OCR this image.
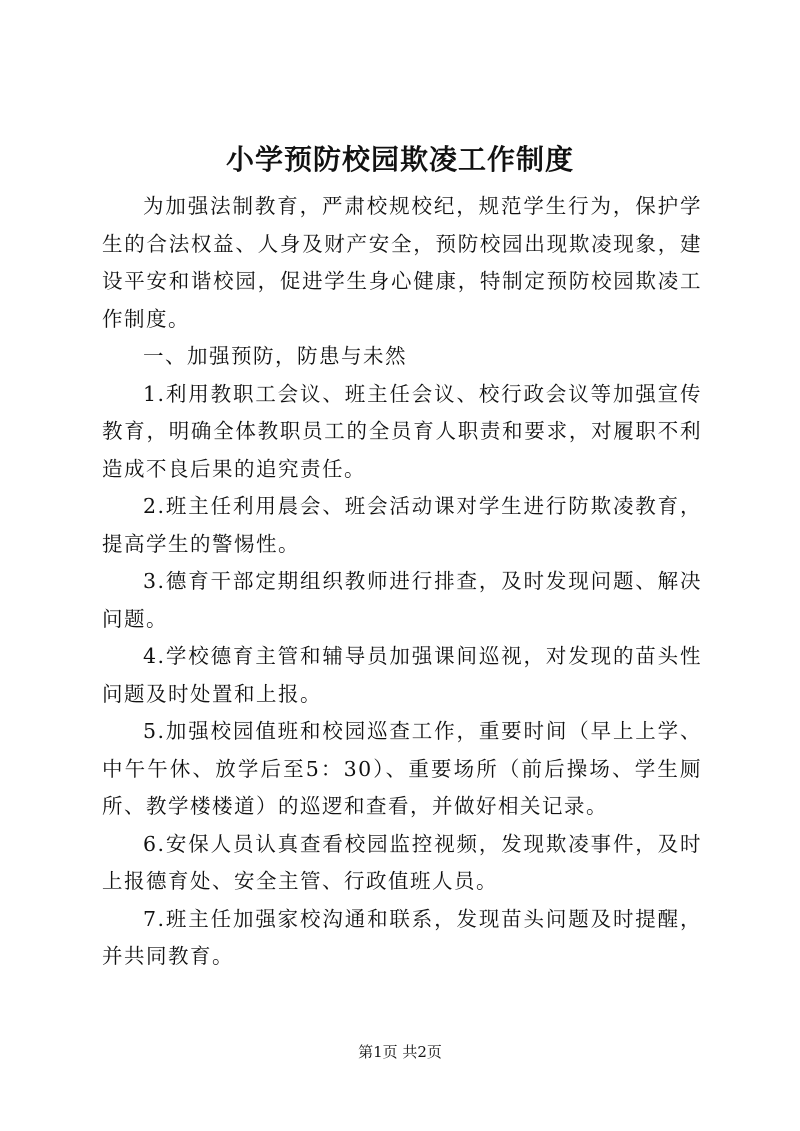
小学预防校园欺凌工作制度

为加强法制教育，严肃校规校纪，规范学生行为，保护学生的合法权益、人身及财产安全，预防校园出现欺凌现象，建设平安和谐校园，促进学生身心健康，特制定预防校园欺凌工作制度。

一、加强预防，防患与未然

1.利用教职工会议、班主任会议、校行政会议等加强宣传教育，明确全体教职员工的全员育人职责和要求，对履职不利造成不良后果的追究责任。

2.班主任利用晨会、班会活动课对学生进行防欺凌教育，提高学生的警惕性。

3.德育干部定期组织教师进行排查，及时发现问题、解决问题。

4.学校德育主管和辅导员加强课间巡视，对发现的苗头性问题及时处置和上报。

5.加强校园值班和校园巡查工作，重要时间（早上上学、中午午休、放学后至5：30）、重要场所（前后操场、学生厕所、教学楼楼道）的巡逻和查看，并做好相关记录。

6.安保人员认真查看校园监控视频，发现欺凌事件，及时上报德育处、安全主管、行政值班人员。

7.班主任加强家校沟通和联系，发现苗头问题及时提醒，并共同教育。

第1页 共2页
